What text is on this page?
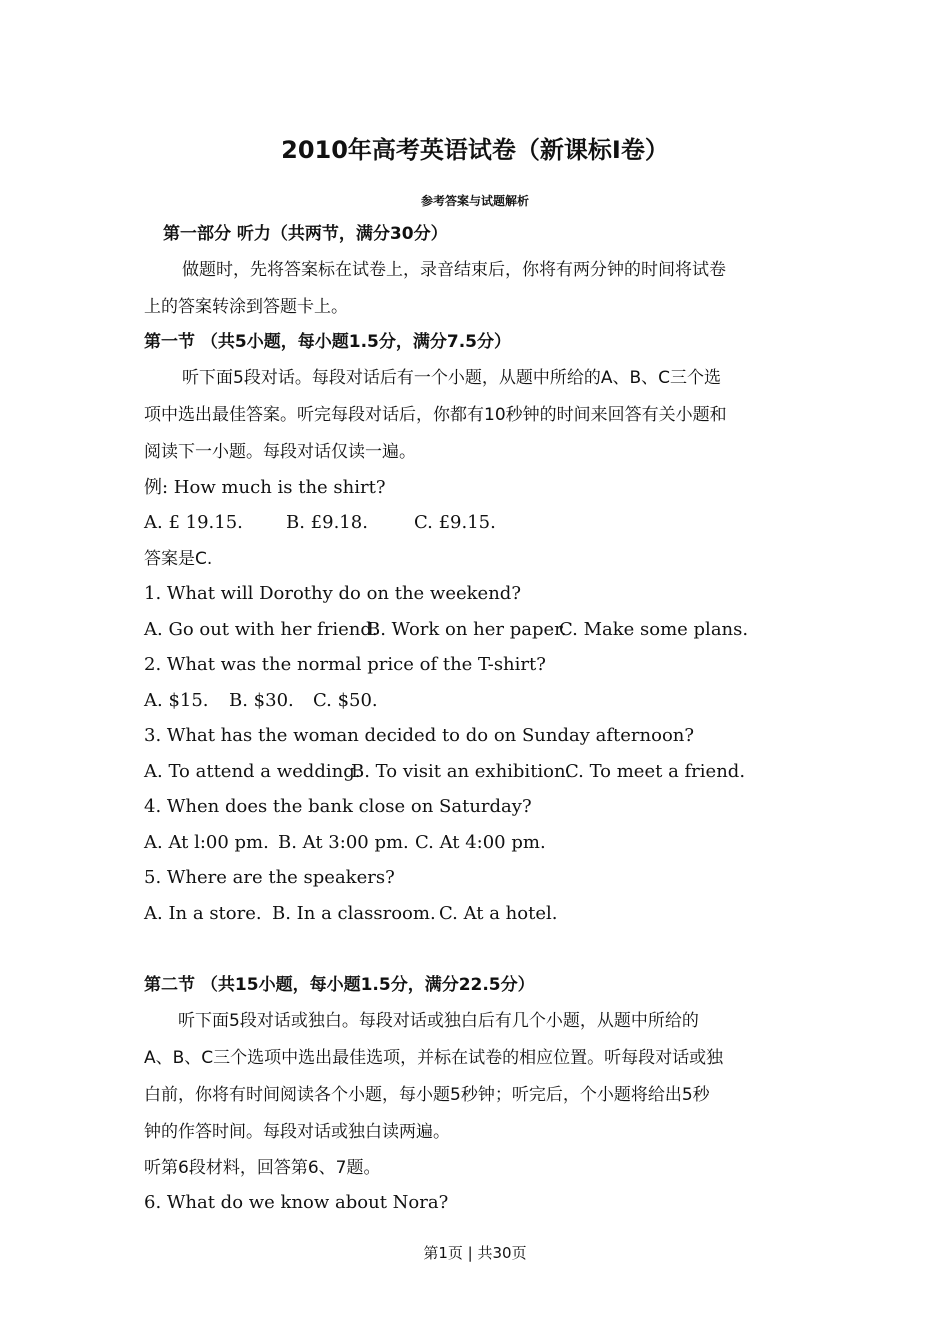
2010年高考英语试卷（新课标Ⅰ卷）
参考答案与试题解析
第一部分 听力（共两节，满分30分）
做题时，先将答案标在试卷上，录音结束后，你将有两分钟的时间将试卷
上的答案转涂到答题卡上。
第一节 （共5小题，每小题1.5分，满分7.5分）
听下面5段对话。每段对话后有一个小题，从题中所给的A、B、C三个选
项中选出最佳答案。听完每段对话后，你都有10秒钟的时间来回答有关小题和
阅读下一小题。每段对话仅读一遍。
例: How much is the shirt?
A. £ 19.15. B. £9.18.	C. £9.15.
答案是C.
1. What will Dorothy do on the weekend?
A. Go out with her friend.B. Work on her paper.C. Make some plans.
2. What was the normal price of the T-shirt?
A. $15. B. $30. C. $50.
3. What has the woman decided to do on Sunday afternoon?
A. To attend a wedding.B. To visit an exhibition.C. To meet a friend.
4. When does the bank close on Saturday?
A. At l:00 pm. B. At 3:00 pm. C. At 4:00 pm.
5. Where are the speakers?
A. In a store. B. In a classroom. C. At a hotel.
第二节 （共15小题，每小题1.5分，满分22.5分）
听下面5段对话或独白。每段对话或独白后有几个小题，从题中所给的
A、B、C三个选项中选出最佳选项，并标在试卷的相应位置。听每段对话或独
白前，你将有时间阅读各个小题，每小题5秒钟；听完后，个小题将给出5秒
钟的作答时间。每段对话或独白读两遍。
听第6段材料，回答第6、7题。
6. What do we know about Nora?
第1页 | 共30页
